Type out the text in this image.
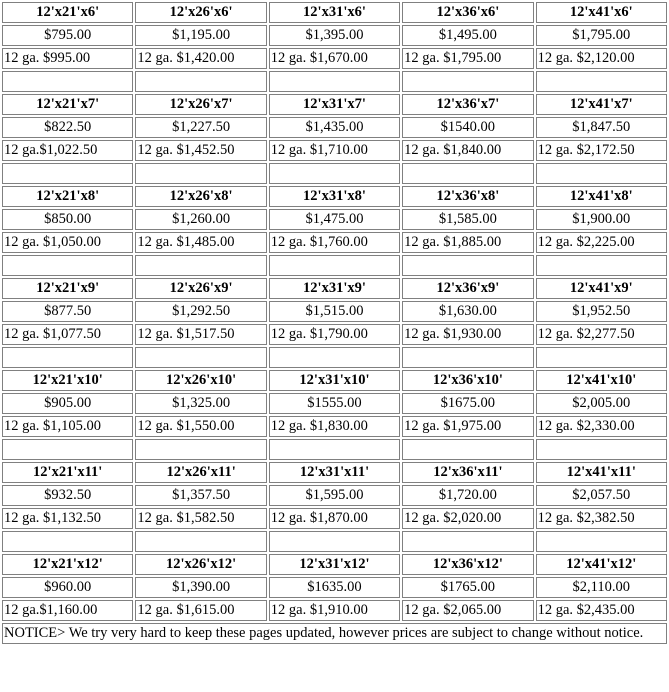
12'x21'x6'	12'x26'x6'	12'x31'x6'	12'x36'x6'	12'x41'x6'
$795.00	$1,195.00	$1,395.00	$1,495.00	$1,795.00
12 ga. $995.00	12 ga. $1,420.00	12 ga. $1,670.00	12 ga. $1,795.00	12 ga. $2,120.00

12'x21'x7'	12'x26'x7'	12'x31'x7'	12'x36'x7'	12'x41'x7'
$822.50	$1,227.50	$1,435.00	$1540.00	$1,847.50
12 ga.$1,022.50	12 ga. $1,452.50	12 ga. $1,710.00	12 ga. $1,840.00	12 ga. $2,172.50

12'x21'x8'	12'x26'x8'	12'x31'x8'	12'x36'x8'	12'x41'x8'
$850.00	$1,260.00	$1,475.00	$1,585.00	$1,900.00
12 ga. $1,050.00	12 ga. $1,485.00	12 ga. $1,760.00	12 ga. $1,885.00	12 ga. $2,225.00

12'x21'x9'	12'x26'x9'	12'x31'x9'	12'x36'x9'	12'x41'x9'
$877.50	$1,292.50	$1,515.00	$1,630.00	$1,952.50
12 ga. $1,077.50	12 ga. $1,517.50	12 ga. $1,790.00	12 ga. $1,930.00	12 ga. $2,277.50

12'x21'x10'	12'x26'x10'	12'x31'x10'	12'x36'x10'	12'x41'x10'
$905.00	$1,325.00	$1555.00	$1675.00	$2,005.00
12 ga. $1,105.00	12 ga. $1,550.00	12 ga. $1,830.00	12 ga. $1,975.00	12 ga. $2,330.00

12'x21'x11'	12'x26'x11'	12'x31'x11'	12'x36'x11'	12'x41'x11'
$932.50	$1,357.50	$1,595.00	$1,720.00	$2,057.50
12 ga. $1,132.50	12 ga. $1,582.50	12 ga. $1,870.00	12 ga. $2,020.00	12 ga. $2,382.50

12'x21'x12'	12'x26'x12'	12'x31'x12'	12'x36'x12'	12'x41'x12'
$960.00	$1,390.00	$1635.00	$1765.00	$2,110.00
12 ga.$1,160.00	12 ga. $1,615.00	12 ga. $1,910.00	12 ga. $2,065.00	12 ga. $2,435.00
NOTICE> We try very hard to keep these pages updated, however prices are subject to change without notice.				
